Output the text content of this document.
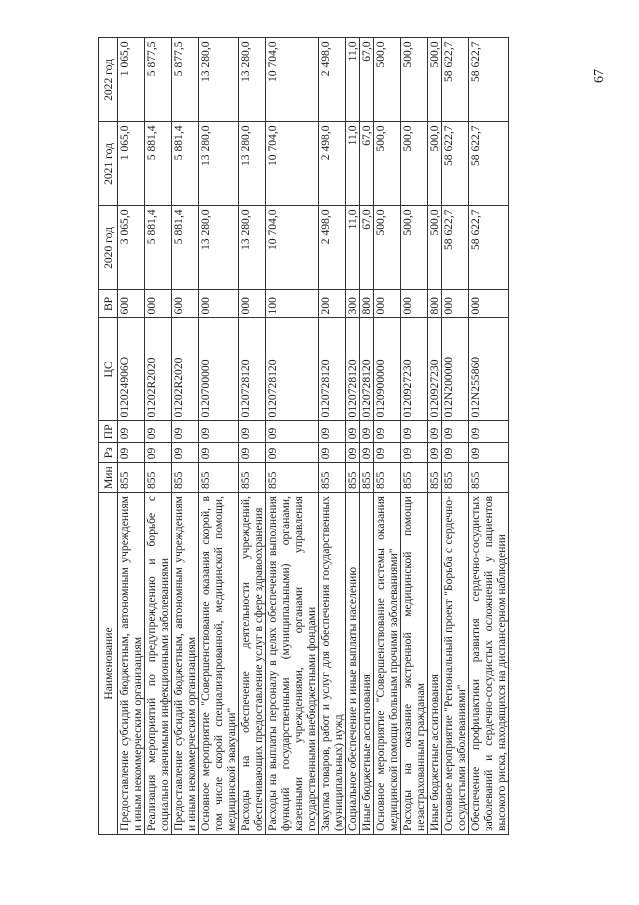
67
Наименование	Мин	Рз	ПР	ЦС	ВР	2020 год	2021 год	2022 год
Предоставление субсидий бюджетным, автономным учреждениям и иным некоммерческим организациям	855	09	09	012024906О	600	3 065,0	1 065,0	1 065,0
Реализация мероприятий по предупреждению и борьбе с социально значимыми инфекционными заболеваниями	855	09	09	01202R2020	000	5 881,4	5 881,4	5 877,5
Предоставление субсидий бюджетным, автономным учреждениям и иным некоммерческим организациям	855	09	09	01202R2020	600	5 881,4	5 881,4	5 877,5
Основное мероприятие "Совершенствование оказания скорой, в том числе скорой специализированной, медицинской помощи, медицинской эвакуации"	855	09	09	0120700000	000	13 280,0	13 280,0	13 280,0
Расходы на обеспечение деятельности учреждений, обеспечивающих предоставление услуг в сфере здравоохранения	855	09	09	0120728120	000	13 280,0	13 280,0	13 280,0
Расходы на выплаты персоналу в целях обеспечения выполнения функций государственными (муниципальными) органами, казенными учреждениями, органами управления государственными внебюджетными фондами	855	09	09	0120728120	100	10 704,0	10 704,0	10 704,0
Закупка товаров, работ и услуг для обеспечения государственных (муниципальных) нужд	855	09	09	0120728120	200	2 498,0	2 498,0	2 498,0
Социальное обеспечение и иные выплаты населению	855	09	09	0120728120	300	11,0	11,0	11,0
Иные бюджетные ассигнования	855	09	09	0120728120	800	67,0	67,0	67,0
Основное мероприятие "Совершенствование системы оказания медицинской помощи больным прочими заболеваниями"	855	09	09	0120900000	000	500,0	500,0	500,0
Расходы на оказание экстренной медицинской помощи незастрахованным гражданам	855	09	09	0120927230	000	500,0	500,0	500,0
Иные бюджетные ассигнования	855	09	09	0120927230	800	500,0	500,0	500,0
Основное мероприятие "Региональный проект "Борьба с сердечно-сосудистыми заболеваниями"	855	09	09	012N200000	000	58 622,7	58 622,7	58 622,7
Обеспечение профилактики развития сердечно-сосудистых заболеваний и сердечно-сосудистых осложнений у пациентов высокого риска, находящихся на диспансерном наблюдении	855	09	09	012N255860	000	58 622,7	58 622,7	58 622,7
